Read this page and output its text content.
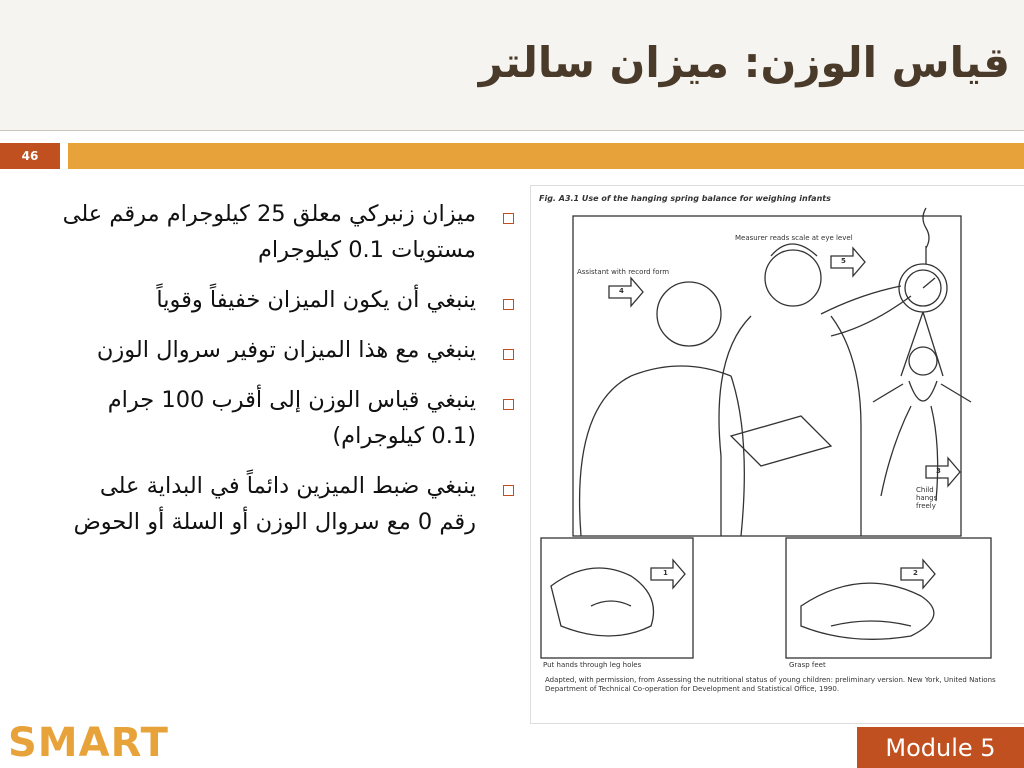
قياس الوزن: ميزان سالتر
46
ميزان زنبركي معلق 25 كيلوجرام مرقم على مستويات 0.1 كيلوجرام
ينبغي أن يكون الميزان خفيفاً وقوياً
ينبغي مع هذا الميزان توفير سروال الوزن
ينبغي قياس الوزن إلى أقرب 100 جرام (0.1 كيلوجرام)
ينبغي ضبط الميزين دائماً في البداية على رقم 0 مع سروال الوزن أو السلة أو الحوض
Fig. A3.1 Use of the hanging spring balance for weighing infants
Measurer reads scale at eye level
Assistant with record form
Child hangs freely
Put hands through leg holes	Grasp feet
1	2
3
4
5
Adapted, with permission, from Assessing the nutritional status of young children: preliminary version. New York, United Nations Department of Technical Co-operation for Development and Statistical Office, 1990.
SMART	Module 5
